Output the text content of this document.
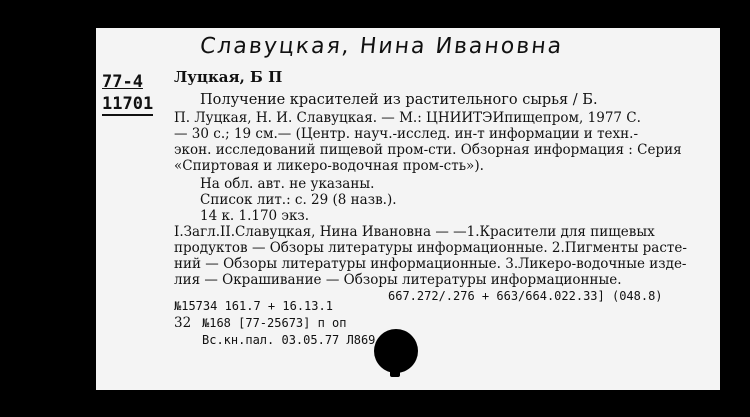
Славуцкая, Нина Ивановна
77-4
11701
Луцкая, Б П
Получение красителей из растительного сырья / Б.
П. Луцкая, Н. И. Славуцкая. — М.: ЦНИИТЭИпищепром, 1977 С.
— 30 с.; 19 см.— (Центр. науч.-исслед. ин-т информации и техн.-
экон. исследований пищевой пром-сти. Обзорная информация : Серия
«Спиртовая и ликеро-водочная пром-сть»).
На обл. авт. не указаны.
Список лит.: с. 29 (8 назв.).
14 к. 1.170 экз.
I.Загл.II.Славуцкая, Нина Ивановна — —1.Красители для пищевых
продуктов — Обзоры литературы информационные. 2.Пигменты расте-
ний — Обзоры литературы информационные. 3.Ликеро-водочные изде-
лия — Окрашивание — Обзоры литературы информационные.
667.272/.276 + 663/664.022.33] (048.8)
№15734 161.7 + 16.13.1
32 №168 [77-25673] п оп
Вс.кн.пал. 03.05.77 Л869
